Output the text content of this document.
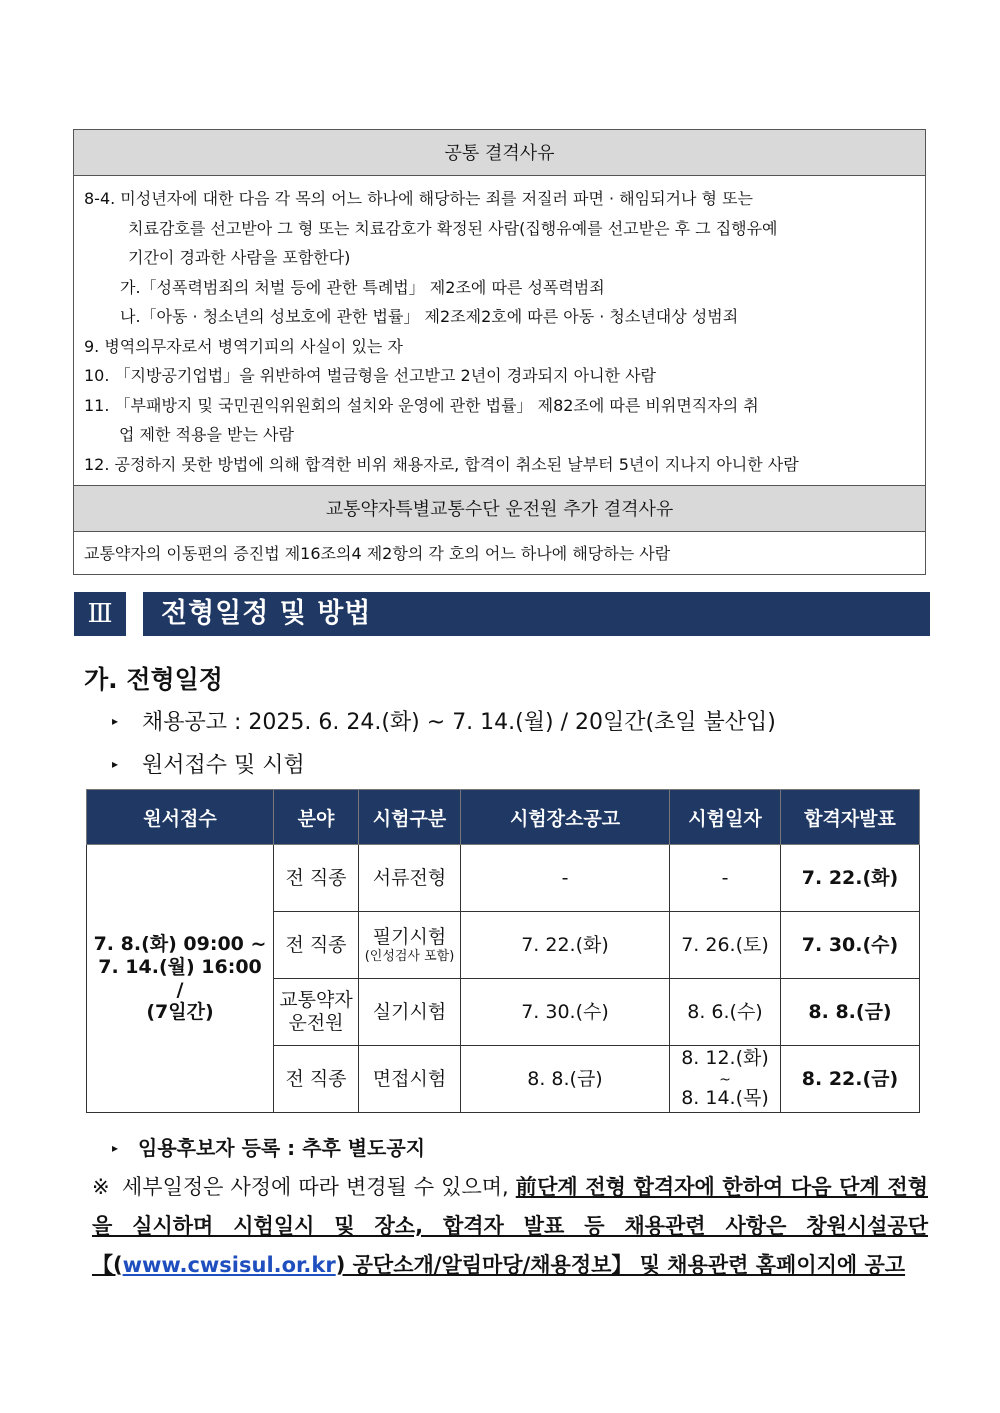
공통 결격사유

8-4. 미성년자에 대한 다음 각 목의 어느 하나에 해당하는 죄를 저질러 파면 · 해임되거나 형 또는

치료감호를 선고받아 그 형 또는 치료감호가 확정된 사람(집행유예를 선고받은 후 그 집행유예

기간이 경과한 사람을 포함한다)

가.「성폭력범죄의 처벌 등에 관한 특례법」 제2조에 따른 성폭력범죄

나.「아동 · 청소년의 성보호에 관한 법률」 제2조제2호에 따른 아동 · 청소년대상 성범죄

9. 병역의무자로서 병역기피의 사실이 있는 자

10. 「지방공기업법」을 위반하여 벌금형을 선고받고 2년이 경과되지 아니한 사람

11. 「부패방지 및 국민권익위원회의 설치와 운영에 관한 법률」 제82조에 따른 비위면직자의 취

업 제한 적용을 받는 사람

12. 공정하지 못한 방법에 의해 합격한 비위 채용자로, 합격이 취소된 날부터 5년이 지나지 아니한 사람

교통약자특별교통수단 운전원 추가 결격사유
교통약자의 이동편의 증진법 제16조의4 제2항의 각 호의 어느 하나에 해당하는 사람
Ⅲ	전형일정 및 방법
가. 전형일정
▸ 채용공고 : 2025. 6. 24.(화) ~ 7. 14.(월) / 20일간(초일 불산입)
▸ 원서접수 및 시험
원서접수	분야	시험구분	시험장소공고	시험일자	합격자발표
7. 8.(화) 09:00 ~
7. 14.(월) 16:00
/
(7일간)	전 직종	서류전형	-	-	7. 22.(화)
	전 직종	필기시험
(인성검사 포함)	7. 22.(화)	7. 26.(토)	7. 30.(수)
	교통약자
운전원	실기시험	7. 30.(수)	8. 6.(수)	8. 8.(금)
	전 직종	면접시험	8. 8.(금)	8. 12.(화)
~
8. 14.(목)	8. 22.(금)
▸ 임용후보자 등록 : 추후 별도공지
※ 세부일정은 사정에 따라 변경될 수 있으며, 前단계 전형 합격자에 한하여 다음 단계 전형을 실시하며 시험일시 및 장소, 합격자 발표 등 채용관련 사항은 창원시설공단 【(www.cwsisul.or.kr) 공단소개/알림마당/채용정보】 및 채용관련 홈페이지에 공고
